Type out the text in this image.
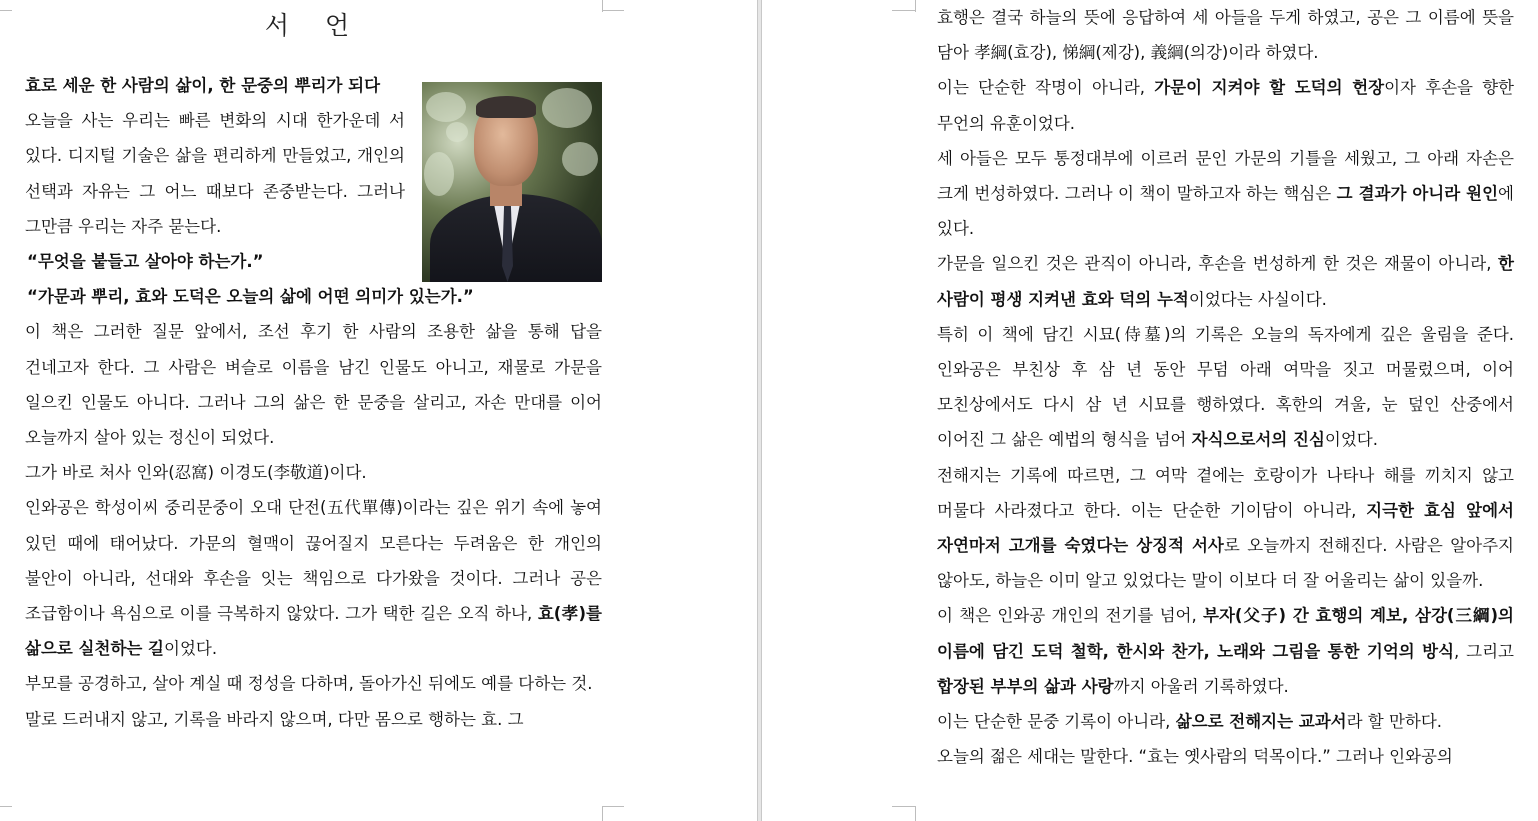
서 언

효로 세운 한 사람의 삶이, 한 문중의 뿌리가 되다

오늘을 사는 우리는 빠른 변화의 시대 한가운데 서 있다. 디지털 기술은 삶을 편리하게 만들었고, 개인의 선택과 자유는 그 어느 때보다 존중받는다. 그러나 그만큼 우리는 자주 묻는다.

“무엇을 붙들고 살아야 하는가.”

“가문과 뿌리, 효와 도덕은 오늘의 삶에 어떤 의미가 있는가.”

이 책은 그러한 질문 앞에서, 조선 후기 한 사람의 조용한 삶을 통해 답을 건네고자 한다. 그 사람은 벼슬로 이름을 남긴 인물도 아니고, 재물로 가문을 일으킨 인물도 아니다. 그러나 그의 삶은 한 문중을 살리고, 자손 만대를 이어 오늘까지 살아 있는 정신이 되었다.

그가 바로 처사 인와(忍窩) 이경도(李敬道)이다.

인와공은 학성이씨 중리문중이 오대 단전(五代單傳)이라는 깊은 위기 속에 놓여 있던 때에 태어났다. 가문의 혈맥이 끊어질지 모른다는 두려움은 한 개인의 불안이 아니라, 선대와 후손을 잇는 책임으로 다가왔을 것이다. 그러나 공은 조급함이나 욕심으로 이를 극복하지 않았다. 그가 택한 길은 오직 하나, 효(孝)를 삶으로 실천하는 길이었다.

부모를 공경하고, 살아 계실 때 정성을 다하며, 돌아가신 뒤에도 예를 다하는 것.

말로 드러내지 않고, 기록을 바라지 않으며, 다만 몸으로 행하는 효. 그

효행은 결국 하늘의 뜻에 응답하여 세 아들을 두게 하였고, 공은 그 이름에 뜻을 담아 孝綱(효강), 悌綱(제강), 義綱(의강)이라 하였다.

이는 단순한 작명이 아니라, 가문이 지켜야 할 도덕의 헌장이자 후손을 향한 무언의 유훈이었다.

세 아들은 모두 통정대부에 이르러 문인 가문의 기틀을 세웠고, 그 아래 자손은 크게 번성하였다. 그러나 이 책이 말하고자 하는 핵심은 그 결과가 아니라 원인에 있다.

가문을 일으킨 것은 관직이 아니라, 후손을 번성하게 한 것은 재물이 아니라, 한 사람이 평생 지켜낸 효와 덕의 누적이었다는 사실이다.

특히 이 책에 담긴 시묘(侍墓)의 기록은 오늘의 독자에게 깊은 울림을 준다. 인와공은 부친상 후 삼 년 동안 무덤 아래 여막을 짓고 머물렀으며, 이어 모친상에서도 다시 삼 년 시묘를 행하였다. 혹한의 겨울, 눈 덮인 산중에서 이어진 그 삶은 예법의 형식을 넘어 자식으로서의 진심이었다.

전해지는 기록에 따르면, 그 여막 곁에는 호랑이가 나타나 해를 끼치지 않고 머물다 사라졌다고 한다. 이는 단순한 기이담이 아니라, 지극한 효심 앞에서 자연마저 고개를 숙였다는 상징적 서사로 오늘까지 전해진다. 사람은 알아주지 않아도, 하늘은 이미 알고 있었다는 말이 이보다 더 잘 어울리는 삶이 있을까.

이 책은 인와공 개인의 전기를 넘어, 부자(父子) 간 효행의 계보, 삼강(三綱)의 이름에 담긴 도덕 철학, 한시와 찬가, 노래와 그림을 통한 기억의 방식, 그리고 합장된 부부의 삶과 사랑까지 아울러 기록하였다.

이는 단순한 문중 기록이 아니라, 삶으로 전해지는 교과서라 할 만하다.

오늘의 젊은 세대는 말한다. “효는 옛사람의 덕목이다.” 그러나 인와공의
